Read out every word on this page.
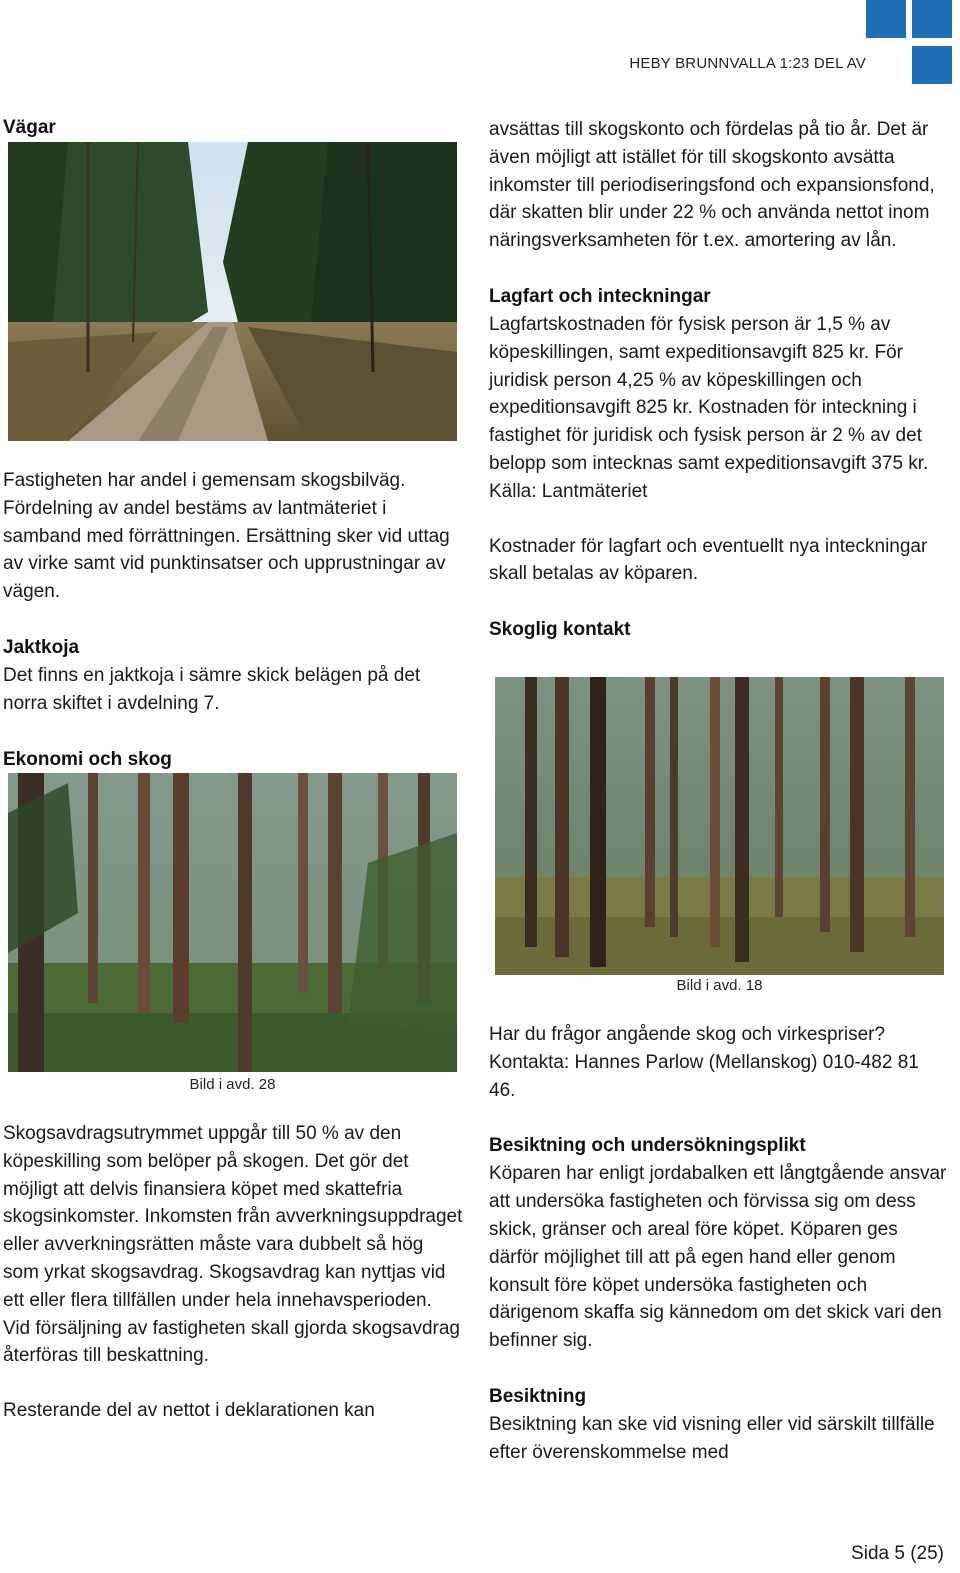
HEBY BRUNNVALLA 1:23 DEL AV
Vägar

Fastigheten har andel i gemensam skogsbilväg. Fördelning av andel bestäms av lantmäteriet i samband med förrättningen. Ersättning sker vid uttag av virke samt vid punktinsatser och upprustningar av vägen.

Jaktkoja

Det finns en jaktkoja i sämre skick belägen på det norra skiftet i avdelning 7.

Ekonomi och skog
Bild i avd. 28

Skogsavdragsutrymmet uppgår till 50 % av den köpeskilling som belöper på skogen. Det gör det möjligt att delvis finansiera köpet med skattefria skogsinkomster. Inkomsten från avverkningsuppdraget eller avverkningsrätten måste vara dubbelt så hög som yrkat skogsavdrag. Skogsavdrag kan nyttjas vid ett eller flera tillfällen under hela innehavsperioden. Vid försäljning av fastigheten skall gjorda skogsavdrag återföras till beskattning.

Resterande del av nettot i deklarationen kan

avsättas till skogskonto och fördelas på tio år. Det är även möjligt att istället för till skogskonto avsätta inkomster till periodiseringsfond och expansionsfond, där skatten blir under 22 % och använda nettot inom näringsverksamheten för t.ex. amortering av lån.

Lagfart och inteckningar

Lagfartskostnaden för fysisk person är 1,5 % av köpeskillingen, samt expeditionsavgift 825 kr. För juridisk person 4,25 % av köpeskillingen och expeditionsavgift 825 kr. Kostnaden för inteckning i fastighet för juridisk och fysisk person är 2 % av det belopp som intecknas samt expeditionsavgift 375 kr. Källa: Lantmäteriet

Kostnader för lagfart och eventuellt nya inteckningar skall betalas av köparen.

Skoglig kontakt
Bild i avd. 18

Har du frågor angående skog och virkespriser? Kontakta: Hannes Parlow (Mellanskog) 010-482 81 46.

Besiktning och undersökningsplikt

Köparen har enligt jordabalken ett långtgående ansvar att undersöka fastigheten och förvissa sig om dess skick, gränser och areal före köpet. Köparen ges därför möjlighet till att på egen hand eller genom konsult före köpet undersöka fastigheten och därigenom skaffa sig kännedom om det skick vari den befinner sig.

Besiktning

Besiktning kan ske vid visning eller vid särskilt tillfälle efter överenskommelse med

Sida 5 (25)
